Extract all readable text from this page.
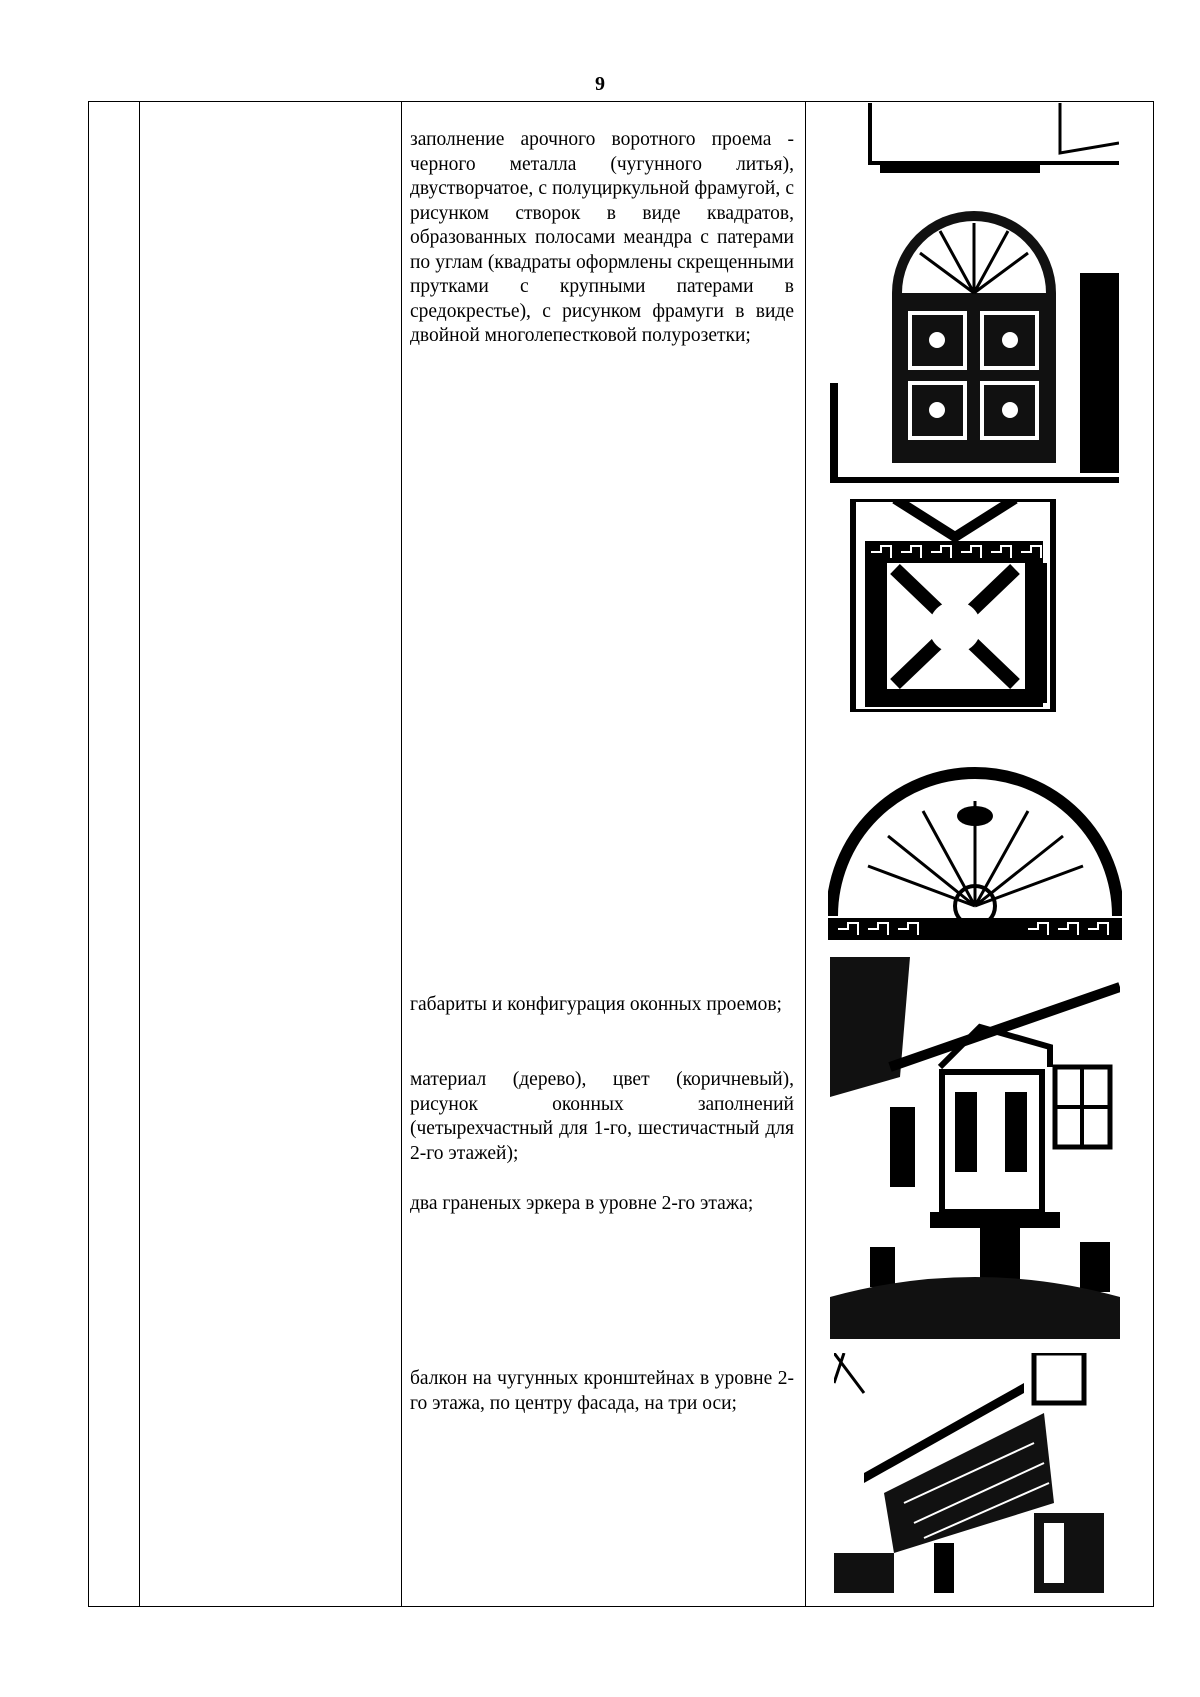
9
заполнение арочного воротного проема - черного металла (чугунного литья), двустворчатое, с полуциркульной фрамугой, с рисунком створок в виде квадратов, образованных полосами меандра с патерами по углам (квадраты оформлены скрещенными прутками с крупными патерами в средокрестье), с рисунком фрамуги в виде двойной многолепестковой полурозетки;
габариты и конфигурация оконных проемов;
материал (дерево), цвет (коричневый), рисунок оконных заполнений (четырехчастный для 1-го, шестичастный для 2-го этажей);
два граненых эркера в уровне 2-го этажа;
балкон на чугунных кронштейнах в уровне 2-го этажа, по центру фасада, на три оси;
